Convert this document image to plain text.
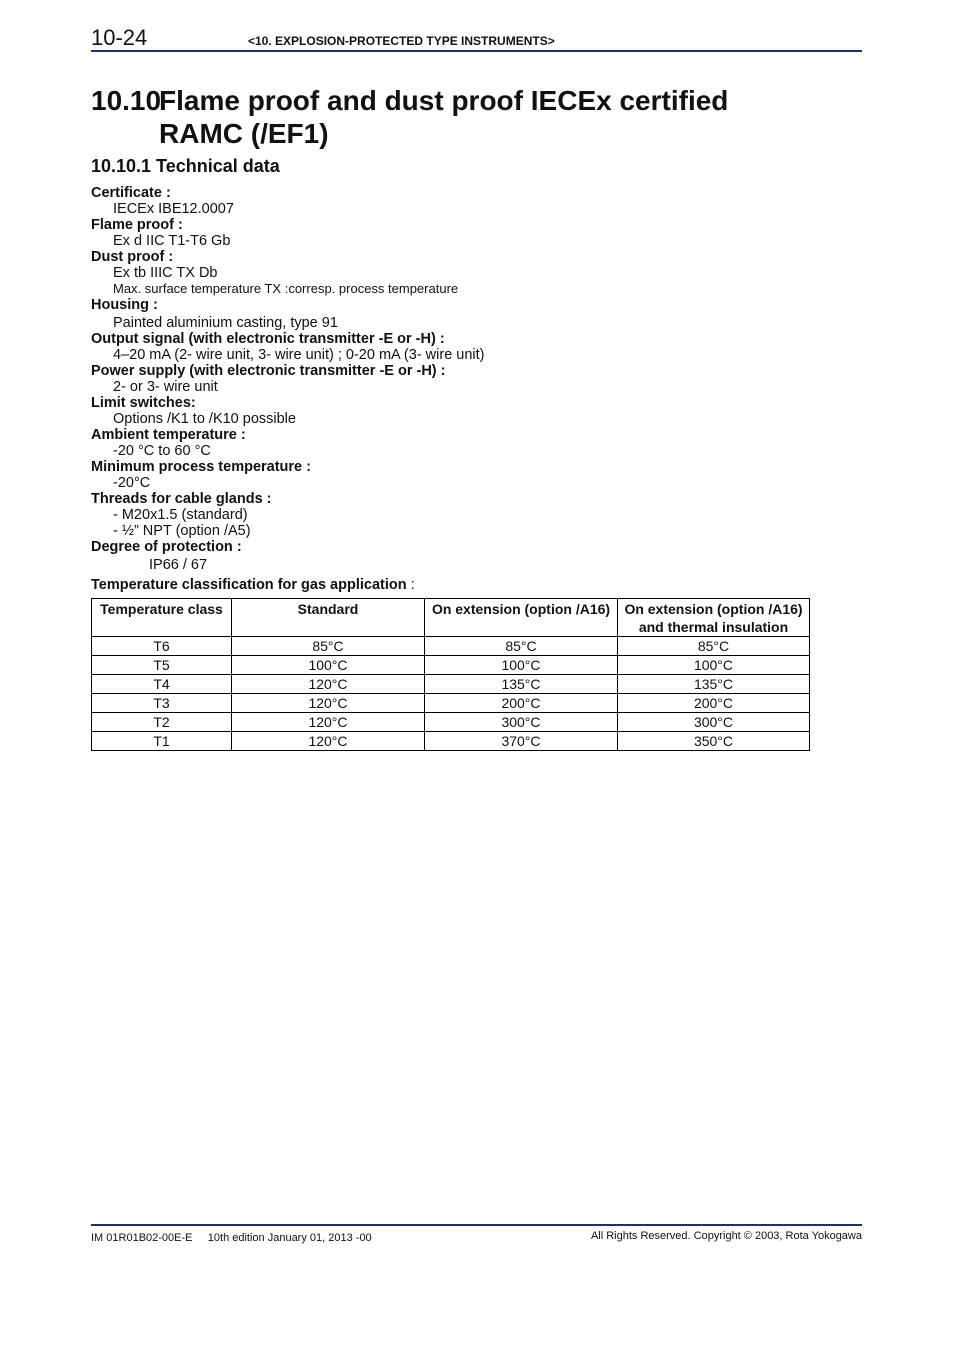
10-24	<10. EXPLOSION-PROTECTED TYPE INSTRUMENTS>
10.10Flame proof and dust proof IECEx certified
RAMC (/EF1)
10.10.1 Technical data
Certificate :
IECEx IBE12.0007
Flame proof :
Ex d IIC T1-T6 Gb
Dust proof :
Ex tb IIIC TX Db
Max. surface temperature TX :corresp. process temperature
Housing :
Painted aluminium casting, type 91
Output signal (with electronic transmitter -E or -H) :
4–20 mA (2- wire unit, 3- wire unit) ; 0-20 mA (3- wire unit)
Power supply (with electronic transmitter -E or -H) :
2- or 3- wire unit
Limit switches:
Options /K1 to /K10 possible
Ambient temperature :
-20 °C to 60 °C
Minimum process temperature :
-20°C
Threads for cable glands :
- M20x1.5 (standard)
- ½” NPT (option /A5)
Degree of protection :
IP66 / 67
Temperature classification for gas application :
Temperature class	Standard	On extension (option /A16)	On extension (option /A16)
and thermal insulation
T6	85°C	85°C	85°C
T5	100°C	100°C	100°C
T4	120°C	135°C	135°C
T3	120°C	200°C	200°C
T2	120°C	300°C	300°C
T1	120°C	370°C	350°C
IM 01R01B02-00E-E     10th edition January 01, 2013 -00	All Rights Reserved. Copyright © 2003, Rota Yokogawa
